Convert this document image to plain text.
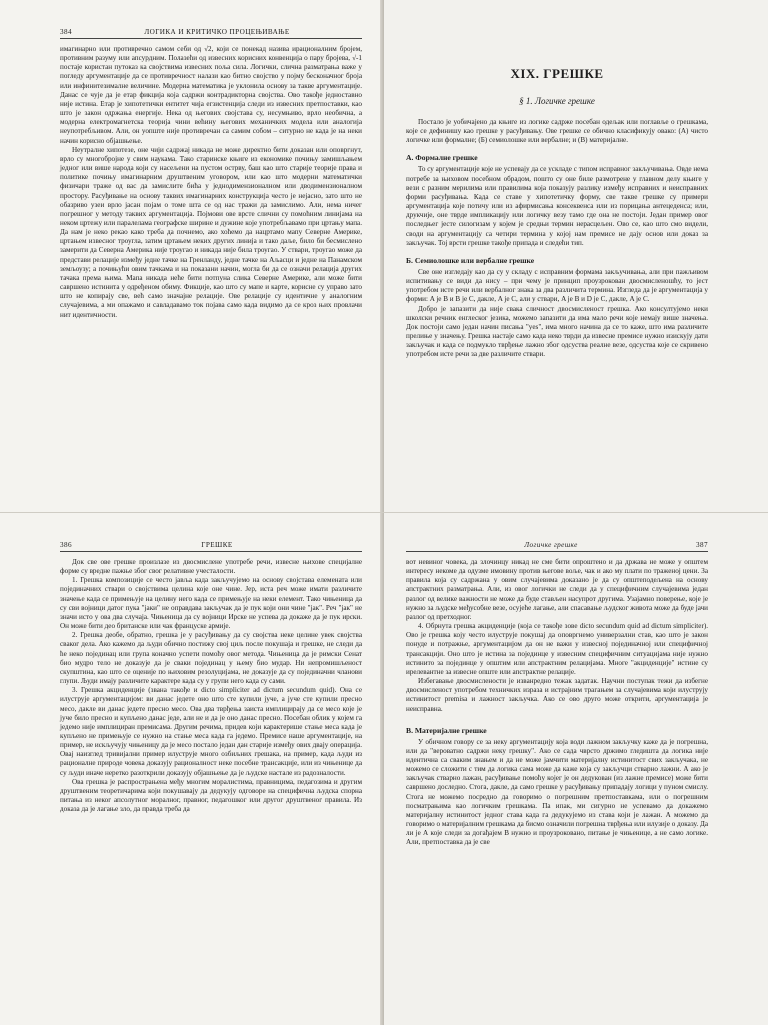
384	ЛОГИКА И КРИТИЧКО ПРОЦЕЊИВАЊЕ

имагинарно или противречно самом себи од √2, који се понекад назива ирационалним бројем, противним разуму или апсурдним. Полазећи од извесних корисних конвенција о пару бројева, √-1 постаје користан путоказ ка својствима извесних поља сила. Логички, слична разматрања важе у погледу аргументације да се противречност налази као битно својство у појму бесконачног броја или инфинитезималне величине. Модерна математика је уклонила основу за такве аргументације. Данас се чује да је етар фикција која садржи контрадикторна својства. Ово такође једноставно није истина. Етар је хипотетички ентитет чија егзистенција следи из извесних претпоставки, као што је закон одржања енергије. Нека од његових својстава су, несумњиво, врло необична, а модерна електромагнетска теорија чини већину његових механичких модела или аналогија неупотребљивом. Али, он уопште није противречан са самим собом – ситурно не када је на неки начин корисно објашњење.

Неутралне хипотезе, оне чији садржај никада не може директно бити доказан или оповргнут, врло су многобројне у свим наукама. Тако старинске књиге из економике почињу замишљањем једног или више народа који су насељени на пустом острву, баш као што старије теорије права и политике почињу имагинарним друштвеним уговором, или као што модерни математички физичари траже од вас да замислите бића у једнодимензионалном или дводимензионалном простору. Расуђивање на основу таквих имагинарних конструкција често је нејасно, зато што не обазриво узеи врло јасан појам о томе шта се од нас тражи да замислимо. Али, нема ничег погрешног у методу таквих аргументација. Појмови ове врсте слични су помоћним линијама на неком цртежу или паралелама географске ширине и дужине које употребљавамо при цртању мапа. Да нам је неко рекао како треба да почнемо, ако хоћемо да нацртамо мапу Северне Америке, цртањем извесног троугла, затим цртањем неких других линија и тако даље, било би бесмислено замерити да Северна Америка није троугао и никада није била троугао. У ствари, троугао може да представи релације између једне тачке на Гренланду, једне тачке на Аљасци и једне на Панамском земљоузу; а почињући овим тачкама и на показани начин, могла би да се означи релација других тачака према њима. Мапа никада неће бити потпуна слика Северне Америке, али може бити савршено истинита у одређеном обиму. Фикције, као што су мапе и карте, корисне су управо зато што не копирају све, већ само значајне релације. Ове релације су идентичне у аналогним случајевима, а ми опажамо и савладавамо ток појава само када видимо да се кроз њих провлачи нит идентичности.

XIX. ГРЕШКЕ
§ 1. Логичке грешке

Постало је уобичајено да књиге из логике садрже посебан одељак или поглавље о грешкама, које се дефинишу као грешке у расуђивању. Ове грешке се обично класификују овако: (А) чисто логичке или формалне; (Б) семиолошке или вербалне; и (В) материјалне.

А. Формалне грешке

То су аргументације које не успевају да се ускладе с типом исправног закључивања. Овде нема потребе за њиховом посебном обрадом, пошто су оне биле размотрене у главном делу књиге у вези с разним мерилима или правилима која показују разлику између исправних и неисправних форми расуђивања. Када се ставе у хипотетичку форму, све такве грешке су примери аргументација које потичу или из афирмисања консеквенса или из порицања антецеденса; или, друкчије, оне тврде импликацију или логичку везу тамо где она не постоји. Један пример овог последњег јесте силогизам у којем је средњи термин нерасцељен. Ово се, као што смо видели, своди на аргументацију са четири термина у којој нам премисе не дају основ или доказ за закључак. Тој врсти грешке такође припада и следећи тип.

Б. Семиолошке или вербалне грешке

Све оне изгледају као да су у складу с исправним формама закључивања, али при пажљивом испитивању се види да нису – при чему је принцип проузрокован двосмисленошћу, то јест употребом исте речи или вербалног знака за два различита термина. Изгледа да је аргументација у форми: A је B и B је C, дакле, A је C, али у ствари, A је B и D је C, дакле, A је C.

Добро је запазити да није свака сличност двосмисленост грешка. Ако консултујемо неки школски речник енглеског језика, можемо запазити да има мало речи које немају више значења. Док постоји само један начин писања "yes", има много начина да се то каже, што има различите прелиње у значењу. Грешка настаје само када неко тврди да извесне премисе нужно изискују дати закључак и када се подмукло тврђење лажно због одсуства реалне везе, одсуства које се скривено употребом исте речи за две различите ствари.

386	ГРЕШКЕ

Док све ове грешке произлазе из двосмислене употребе речи, извесне њихове специјалне форме су вредне пажње због свог релативне учесталости.

1. Грешка композиције се често јавља када закључујемо на основу својстава елемената или појединачних ствари о својствима целина које оне чине. Јер, иста реч може имати различите значење када се примењује на целину него када се примењује на неки елемент. Тако чињеница да су сви војници датог пука "јаки" не оправдава закључак да је пук који они чине "јак". Реч "јак" не значи исто у ова два случаја. Чињеница да су војници Ирске не успева да докаже да је пук ирски. Он може бити део британске или чак француске армије.

2. Грешка деобе, обратно, грешка је у расуђивању да су својства неке целине увек својства сваког дела. Ако кажемо да људи обично постижу свој циљ после покушаја и грешке, не следи да ће неко појединац или група коначно успети помоћу овог метода. Чињеница да је римски Сенат био мудро тело не доказује да је сваки појединац у њему био мудар. Ни непромишљеност скупштина, као што се оценије по њиховим резолуцијама, не доказује да су појединачни чланови глупи. Људи имају различите карактере када су у групи него када су сами.

3. Грешка акциденције (звана такође и dicto simpliciter ad dictum secundum quid). Она се илуструје аргументацијом: ви данас једете оно што сте купили јуче, а јуче сте купили пресно месо, дакле ви данас једете пресно месо. Ова два тврђења заиста имплицирају да се месо које је јуче било пресно и купљено данас једе, али не и да је оно данас пресно. Посебан облик у којем га једемо није имплициран премисама. Другим речима, придев који карактерише стање меса када је купљено не примењује се нужно на стање меса када га једемо. Премисе наше аргументације, на пример, не искључују чињеницу да је месо постало један дан старије између ових двају операција. Овај наизглед тривијални пример илуструје много озбиљних грешака, на пример, када људи из рационалне природе човека доказују рационалност неке посебне трансакције, или из чињенице да су људи иначе неретко разоткрили доказују објашњење да је људске настале из радозналости.

Ова грешка је распрострањена међу многим моралистима, правницима, педагозима и другим друштвеним теоретичарима који покушавају да дедукују одговоре на специфична људска спорна питања из неког апсолутног моралног, правног, педагошког или другог друштвеног правила. Из доказа да је лагање зло, да правда треба да

Логичке грешке	387

вот невиног човека, да злочинцу никад не сме бити опроштено и да држава не може у општем интересу некоме да одузме имовину против његове воље, чак и ако му плати по траженој цени. За правила која су садржана у овим случајевима доказано је да су општеподељена на основу апстрактних разматрања. Али, из овог логички не следи да у специфичним случајевима један разлог од велике важности не може да буде стављен насупрот другима. Узајамно поверење, које је нужно за људске међусобне везе, осујеће лагање, али спасавање људског живота може да буде јачи разлог од претходног.

4. Обрнута грешка акциденције (која се такође зове dicto secundum quid ad dictum simpliciter). Ово је грешка коју често илуструје покушај да оповргнемо универзални став, као што је закон понуде и потражње, аргументацијом да он не важи у извесној појединачној или специфичној трансакцији. Оно што је истина за појединце у извесним специфичним ситуацијама није нужно истинито за појединце у општим или апстрактним релацијама. Многе "акциденције" истине су ирелевантне за извесне опште или апстрактне релације.

Избегавање двосмислености је изванредно тежак задатак. Научни поступак тежи да избегне двосмисленост употребом техничких израза и истрајним трагањем за случајевима који илуструју истинитост premisa и лажност закључка. Ако се ово друго може открити, аргументација је неисправна.

В. Материјалне грешке

У обичном говору се за неку аргументацију која води лажном закључку каже да је погрешна, или да "вероватно садржи неку грешку". Ако се сада чврсто држимо гледишта да логика није идентична са сваким знањем и да не може јамчити материјалну истинитост свих закључака, не можемо се сложити с тим да логика сама може да каже која су закључци стварно лажни. А ако је закључак стварно лажан, расуђивање помоћу којег је он дедукован (из лажне премисе) може бити савршено доследно. Стога, дакле, да само грешке у расуђивању припадају логици у пуном смислу. Стога не можемо посредно да говоримо о погрешним претпоставкама, или о погрешним посматрањима као логичким грешкама. Па ипак, ми сигурно не успевамо да докажемо материјалну истинитост једног става када га дедукујемо из става који је лажан. А можемо да говоримо о материјалним грешкама да бисмо означили погрешна тврђења или илузије о доказу. Да ли је А које следи за догађајем B нужно и проузроковано, питање је чињенице, а не само логике. Али, претпоставка да је све
